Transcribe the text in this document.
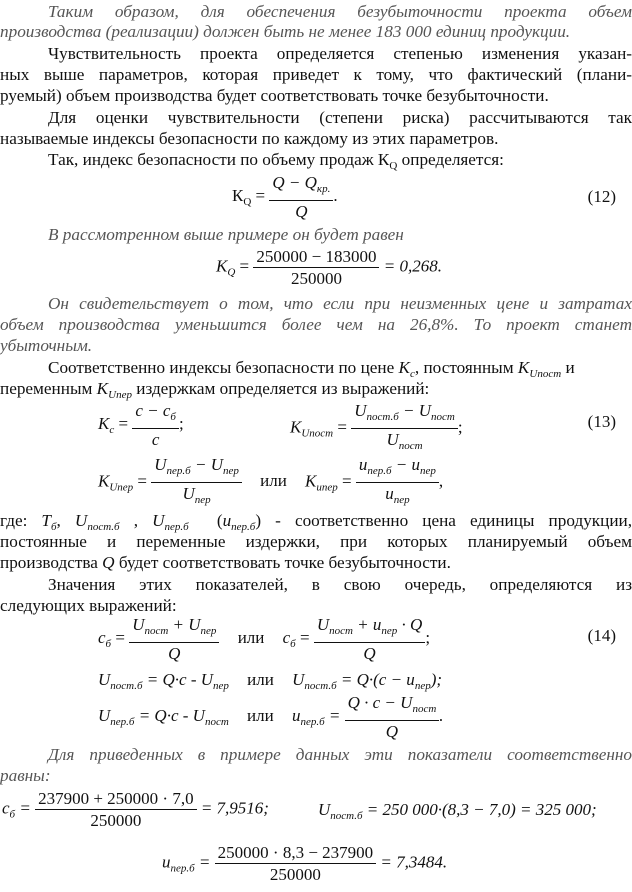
Таким образом, для обеспечения безубыточности проекта объем
производства (реализации) должен быть не менее 183 000 единиц продукции.
Чувствительность проекта определяется степенью изменения указан-
ных выше параметров, которая приведет к тому, что фактический (плани-
руемый) объем производства будет соответствовать точке безубыточности.
Для оценки чувствительности (степени риска) рассчитываются так
называемые индексы безопасности по каждому из этих параметров.
Так, индекс безопасности по объему продаж $К_Q$ определяется:
$К_Q = \frac{Q - Q_{кр.}}{Q}$ .	(12)
В рассмотренном выше примере он будет равен
$K_Q = \frac{250000 - 183000}{250000} = 0,268$.
Он свидетельствует о том, что если при неизменных цене и затратах
объем производства уменьшится более чем на 26,8%. То проект станет
убыточным.
Соответственно индексы безопасности по цене $K_c$, постоянным $K_{Uпост}$ и
переменным $K_{Uпер}$ издержкам определяется из выражений:
$K_c = \frac{c - c_б}{c}$ ;	$K_{Uпост} = \frac{U_{пост.б} - U_{пост}}{U_{пост}}$ ;	(13)
$K_{Uпер} = \frac{U_{пер.б} - U_{пер}}{U_{пер}}$ или $K_{uпер} = \frac{u_{пер.б} - u_{пер}}{u_{пер}}$ ,
где: $T_б$, $U_{пост.б}$ , $U_{пер.б}$  $(u_{пер.б})$ - соответственно цена единицы продукции,
постоянные и переменные издержки, при которых планируемый объем
производства Q будет соответствовать точке безубыточности.
Значения этих показателей, в свою очередь, определяются из
следующих выражений:
$c_б = \frac{U_{пост} + U_{пер}}{Q}$ или $c_б = \frac{U_{пост} + u_{пер} \cdot Q}{Q}$ ;	(14)
$U_{пост.б} = Q\cdot c - U_{пер}$ или $U_{пост.б} = Q\cdot(c - u_{пер})$;
$U_{пер.б} = Q\cdot c - U_{пост}$ или $u_{пер.б} = \frac{Q \cdot c - U_{пост}}{Q}$ .
Для приведенных в примере данных эти показатели соответственно
равны:
$c_б = \frac{237900 + 250000 \cdot 7,0}{250000} = 7,9516$;	$U_{пост.б} = 250$ 000·(8,3 − 7,0) = 325 000;
$u_{пер.б} = \frac{250000 \cdot 8,3 - 237900}{250000} = 7,3484$.
